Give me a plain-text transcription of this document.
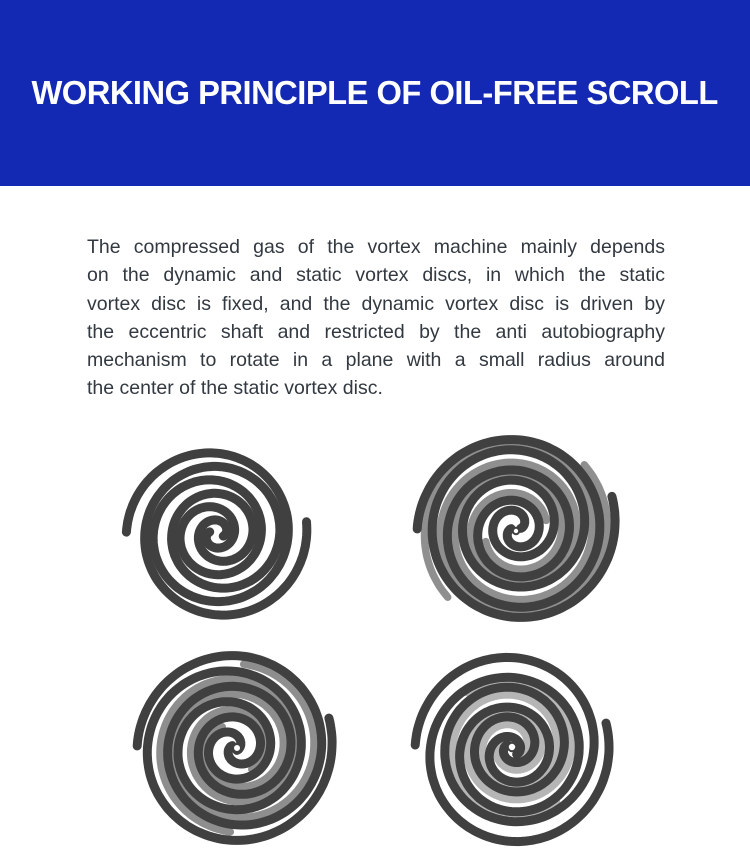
WORKING PRINCIPLE OF OIL-FREE SCROLL

The compressed gas of the vortex machine mainly depends

on the dynamic and static vortex discs, in which the static

vortex disc is fixed, and the dynamic vortex disc is driven by

the eccentric shaft and restricted by the anti autobiography

mechanism to rotate in a plane with a small radius around

the center of the static vortex disc.
